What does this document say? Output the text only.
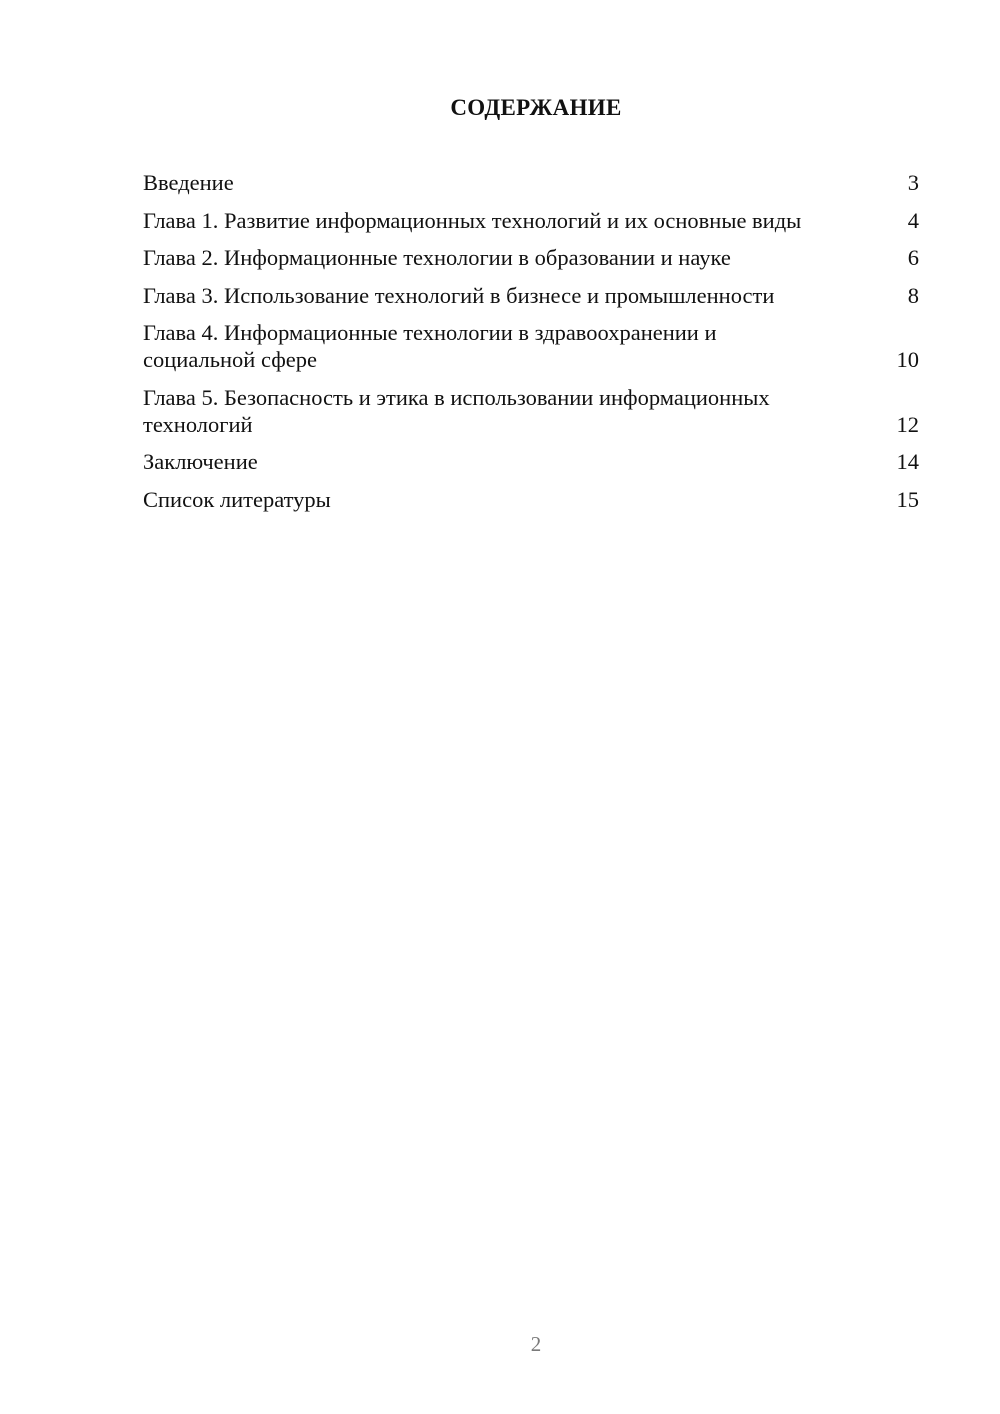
СОДЕРЖАНИЕ
Введение	3
Глава 1. Развитие информационных технологий и их основные виды	4
Глава 2. Информационные технологии в образовании и науке	6
Глава 3. Использование технологий в бизнесе и промышленности	8
Глава 4. Информационные технологии в здравоохранении и социальной сфере	10
Глава 5. Безопасность и этика в использовании информационных технологий	12
Заключение	14
Список литературы	15
2
